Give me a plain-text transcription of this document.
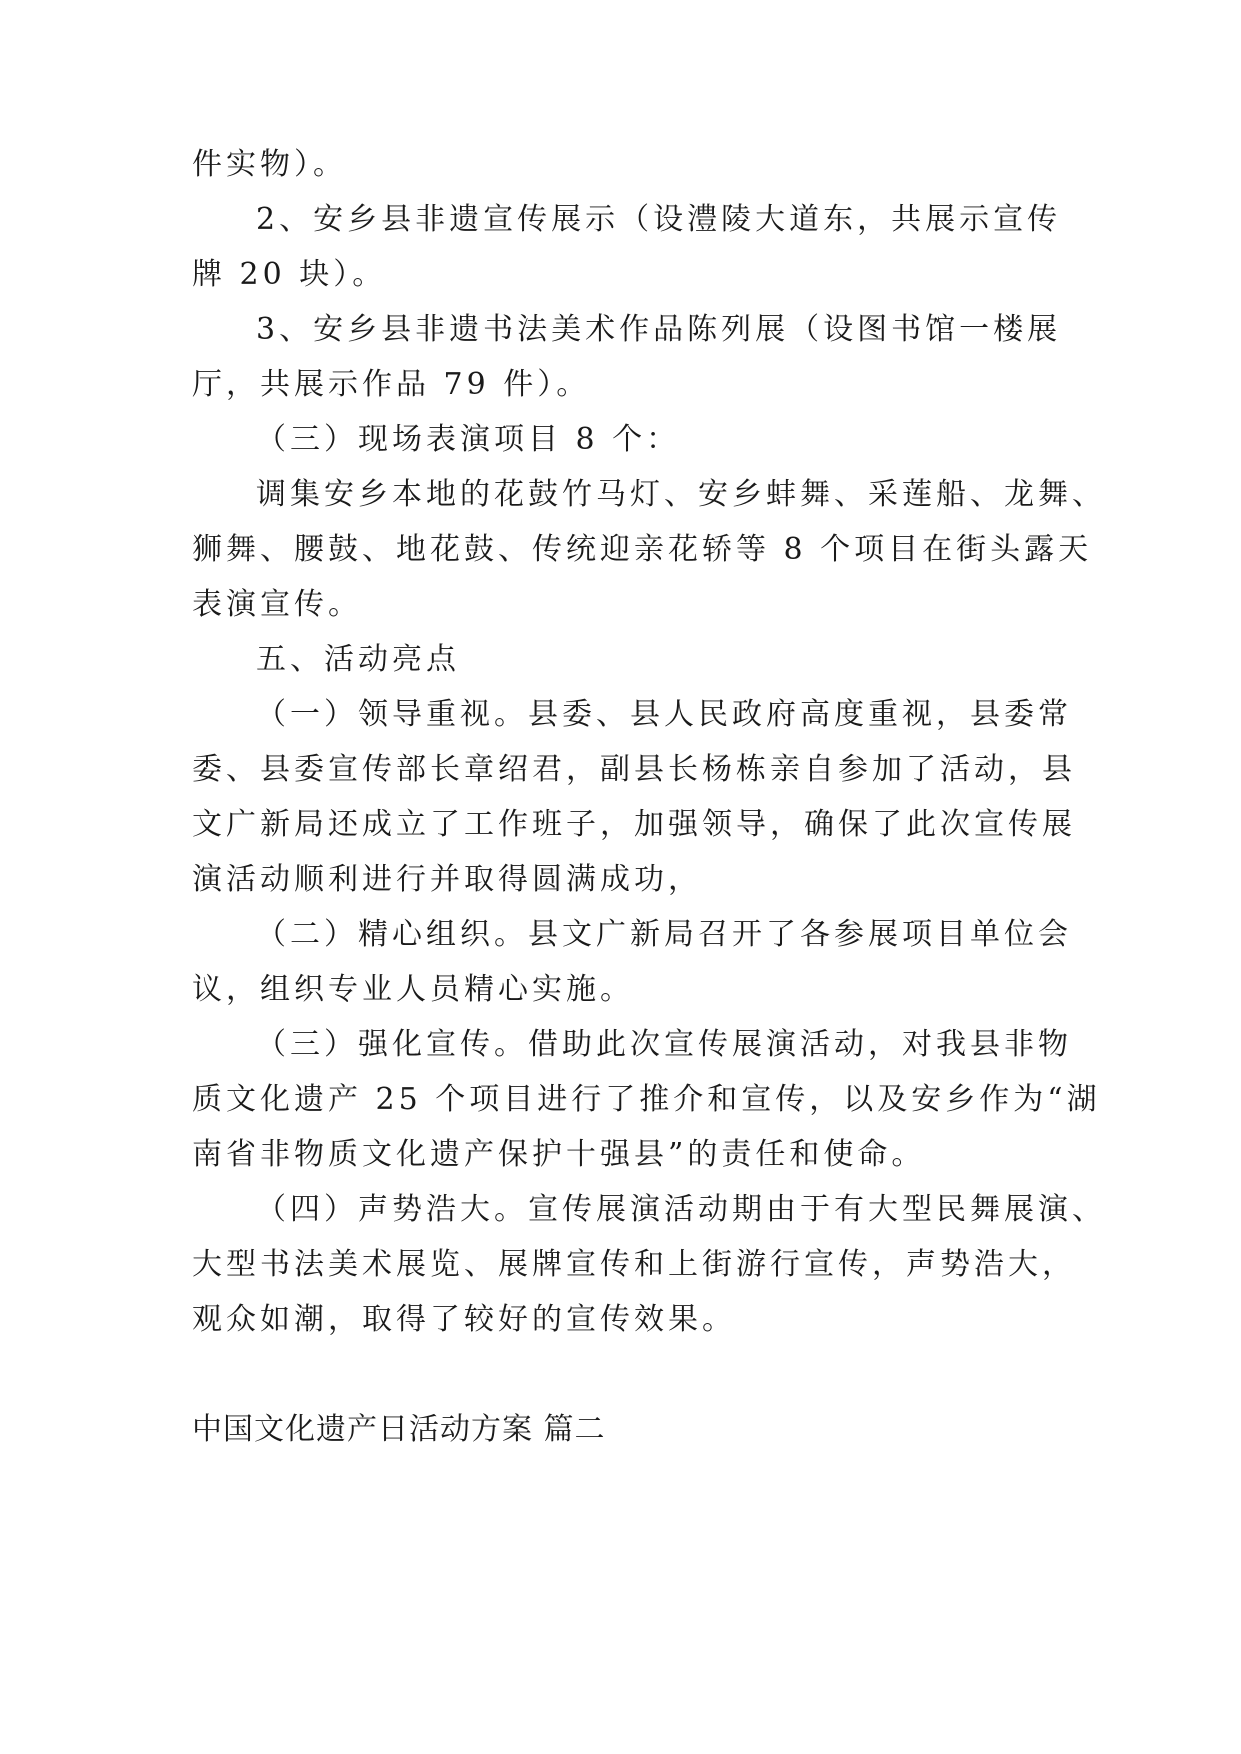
件实物）。
2、安乡县非遗宣传展示（设澧陵大道东，共展示宣传
牌 20 块）。
3、安乡县非遗书法美术作品陈列展（设图书馆一楼展
厅，共展示作品 79 件）。
（三）现场表演项目 8 个：
调集安乡本地的花鼓竹马灯、安乡蚌舞、采莲船、龙舞、
狮舞、腰鼓、地花鼓、传统迎亲花轿等 8 个项目在街头露天
表演宣传。
五、活动亮点
（一）领导重视。县委、县人民政府高度重视，县委常
委、县委宣传部长章绍君，副县长杨栋亲自参加了活动，县
文广新局还成立了工作班子，加强领导，确保了此次宣传展
演活动顺利进行并取得圆满成功，
（二）精心组织。县文广新局召开了各参展项目单位会
议，组织专业人员精心实施。
（三）强化宣传。借助此次宣传展演活动，对我县非物
质文化遗产 25 个项目进行了推介和宣传，以及安乡作为“湖
南省非物质文化遗产保护十强县”的责任和使命。
（四）声势浩大。宣传展演活动期由于有大型民舞展演、
大型书法美术展览、展牌宣传和上街游行宣传，声势浩大，
观众如潮，取得了较好的宣传效果。
中国文化遗产日活动方案 篇二
